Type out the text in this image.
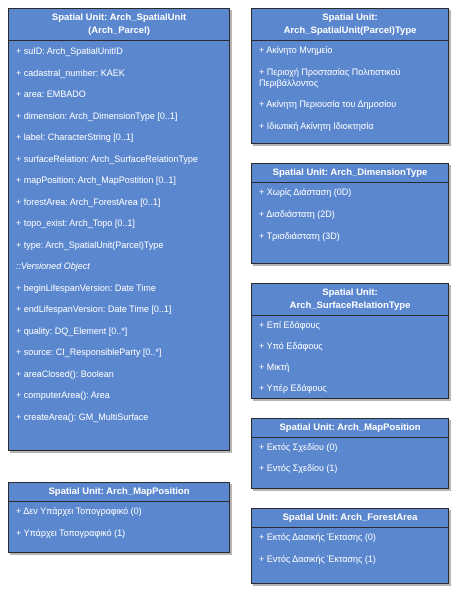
Spatial Unit: Arch_SpatialUnit
(Arch_Parcel)
+ suID: Arch_SpatialUnitID
+ cadastral_number: KAEK
+ area: EMBADO
+ dimension: Arch_DimensionType [0..1]
+ label: CharacterString [0..1]
+ surfaceRelation: Arch_SurfaceRelationType
+ mapPosition: Arch_MapPostition [0..1]
+ forestArea: Arch_ForestArea [0..1]
+ topo_exist: Arch_Topo [0..1]
+ type: Arch_SpatialUnit(Parcel)Type
::Versioned Object
+ beginLifespanVersion: Date Time
+ endLifespanVersion: Date Time [0..1]
+ quality: DQ_Element [0..*]
+ source: CI_ResponsibleParty [0..*]
+ areaClosed(): Boolean
+ computerArea(): Area
+ createArea(): GM_MultiSurface
Spatial Unit:
Arch_SpatialUnit(Parcel)Type
+ Ακίνητο Μνημείο
+ Περιοχή Προστασίας Πολιτιστικού Περιβάλλοντος
+ Ακίνητη Περιουσία του Δημοσίου
+ Ιδιωτική Ακίνητη Ιδιοκτησία
Spatial Unit: Arch_DimensionType
+ Χωρίς Διάσταση (0D)
+ Δισδιάστατη (2D)
+ Τρισδιάστατη (3D)
Spatial Unit:
Arch_SurfaceRelationType
+ Επί Εδάφους
+ Υπό Εδάφους
+ Μικτή
+ Υπέρ Εδάφους
Spatial Unit: Arch_MapPosition
+ Εκτός Σχεδίου (0)
+ Εντός Σχεδίου (1)
Spatial Unit: Arch_MapPosition
+ Δεν Υπάρχει Τοπογραφικό (0)
+ Υπάρχει Τοπογραφικό (1)
Spatial Unit: Arch_ForestArea
+ Εκτός Δασικής Έκτασης (0)
+ Εντός Δασικής Έκτασης (1)
